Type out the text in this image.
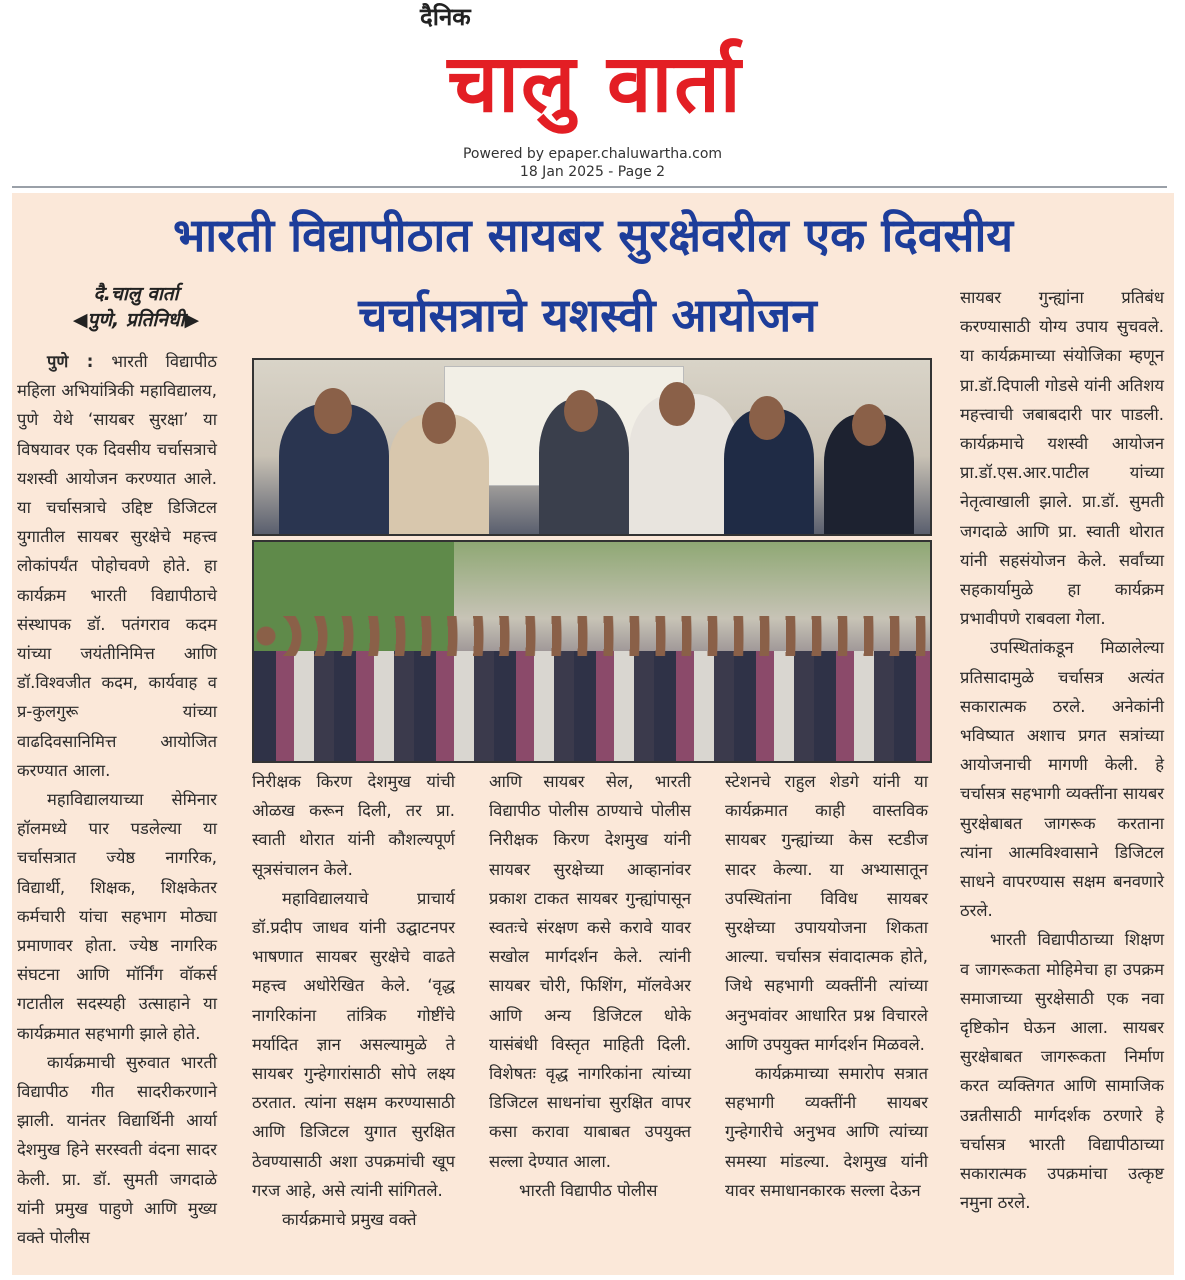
दैनिक
चालु वार्ता
Powered by epaper.chaluwartha.com
18 Jan 2025 - Page 2
भारती विद्यापीठात सायबर सुरक्षेवरील एक दिवसीय
चर्चासत्राचे यशस्वी आयोजन
दै.चालु वार्ता
◀पुणे, प्रतिनिधी▶

पुणे : भारती विद्यापीठ महिला अभियांत्रिकी महाविद्यालय, पुणे येथे ‘सायबर सुरक्षा’ या विषयावर एक दिवसीय चर्चासत्राचे यशस्वी आयोजन करण्यात आले. या चर्चासत्राचे उद्दिष्ट डिजिटल युगातील सायबर सुरक्षेचे महत्त्व लोकांपर्यंत पोहोचवणे होते. हा कार्यक्रम भारती विद्यापीठाचे संस्थापक डॉ. पतंगराव कदम यांच्या जयंतीनिमित्त आणि डॉ.विश्वजीत कदम, कार्यवाह व प्र-कुलगुरू यांच्या वाढदिवसानिमित्त आयोजित करण्यात आला.

महाविद्यालयाच्या सेमिनार हॉलमध्ये पार पडलेल्या या चर्चासत्रात ज्येष्ठ नागरिक, विद्यार्थी, शिक्षक, शिक्षकेतर कर्मचारी यांचा सहभाग मोठ्या प्रमाणावर होता. ज्येष्ठ नागरिक संघटना आणि मॉर्निंग वॉकर्स गटातील सदस्यही उत्साहाने या कार्यक्रमात सहभागी झाले होते.

कार्यक्रमाची सुरुवात भारती विद्यापीठ गीत सादरीकरणाने झाली. यानंतर विद्यार्थिनी आर्या देशमुख हिने सरस्वती वंदना सादर केली. प्रा. डॉ. सुमती जगदाळे यांनी प्रमुख पाहुणे आणि मुख्य वक्ते पोलीस

निरीक्षक किरण देशमुख यांची ओळख करून दिली, तर प्रा. स्वाती थोरात यांनी कौशल्यपूर्ण सूत्रसंचालन केले.

महाविद्यालयाचे प्राचार्य डॉ.प्रदीप जाधव यांनी उद्घाटनपर भाषणात सायबर सुरक्षेचे वाढते महत्त्व अधोरेखित केले. ‘वृद्ध नागरिकांना तांत्रिक गोष्टींचे मर्यादित ज्ञान असल्यामुळे ते सायबर गुन्हेगारांसाठी सोपे लक्ष्य ठरतात. त्यांना सक्षम करण्यासाठी आणि डिजिटल युगात सुरक्षित ठेवण्यासाठी अशा उपक्रमांची खूप गरज आहे, असे त्यांनी सांगितले.

कार्यक्रमाचे प्रमुख वक्ते

आणि सायबर सेल, भारती विद्यापीठ पोलीस ठाण्याचे पोलीस निरीक्षक किरण देशमुख यांनी सायबर सुरक्षेच्या आव्हानांवर प्रकाश टाकत सायबर गुन्ह्यांपासून स्वतःचे संरक्षण कसे करावे यावर सखोल मार्गदर्शन केले. त्यांनी सायबर चोरी, फिशिंग, मॉलवेअर आणि अन्य डिजिटल धोके यासंबंधी विस्तृत माहिती दिली. विशेषतः वृद्ध नागरिकांना त्यांच्या डिजिटल साधनांचा सुरक्षित वापर कसा करावा याबाबत उपयुक्त सल्ला देण्यात आला.

भारती विद्यापीठ पोलीस

स्टेशनचे राहुल शेडगे यांनी या कार्यक्रमात काही वास्तविक सायबर गुन्ह्यांच्या केस स्टडीज सादर केल्या. या अभ्यासातून उपस्थितांना विविध सायबर सुरक्षेच्या उपाययोजना शिकता आल्या. चर्चासत्र संवादात्मक होते, जिथे सहभागी व्यक्तींनी त्यांच्या अनुभवांवर आधारित प्रश्न विचारले आणि उपयुक्त मार्गदर्शन मिळवले.

कार्यक्रमाच्या समारोप सत्रात सहभागी व्यक्तींनी सायबर गुन्हेगारीचे अनुभव आणि त्यांच्या समस्या मांडल्या. देशमुख यांनी यावर समाधानकारक सल्ला देऊन

सायबर गुन्ह्यांना प्रतिबंध करण्यासाठी योग्य उपाय सुचवले. या कार्यक्रमाच्या संयोजिका म्हणून प्रा.डॉ.दिपाली गोडसे यांनी अतिशय महत्त्वाची जबाबदारी पार पाडली. कार्यक्रमाचे यशस्वी आयोजन प्रा.डॉ.एस.आर.पाटील यांच्या नेतृत्वाखाली झाले. प्रा.डॉ. सुमती जगदाळे आणि प्रा. स्वाती थोरात यांनी सहसंयोजन केले. सर्वांच्या सहकार्यामुळे हा कार्यक्रम प्रभावीपणे राबवला गेला.

उपस्थितांकडून मिळालेल्या प्रतिसादामुळे चर्चासत्र अत्यंत सकारात्मक ठरले. अनेकांनी भविष्यात अशाच प्रगत सत्रांच्या आयोजनाची मागणी केली. हे चर्चासत्र सहभागी व्यक्तींना सायबर सुरक्षेबाबत जागरूक करताना त्यांना आत्मविश्वासाने डिजिटल साधने वापरण्यास सक्षम बनवणारे ठरले.

भारती विद्यापीठाच्या शिक्षण व जागरूकता मोहिमेचा हा उपक्रम समाजाच्या सुरक्षेसाठी एक नवा दृष्टिकोन घेऊन आला. सायबर सुरक्षेबाबत जागरूकता निर्माण करत व्यक्तिगत आणि सामाजिक उन्नतीसाठी मार्गदर्शक ठरणारे हे चर्चासत्र भारती विद्यापीठाच्या सकारात्मक उपक्रमांचा उत्कृष्ट नमुना ठरले.
